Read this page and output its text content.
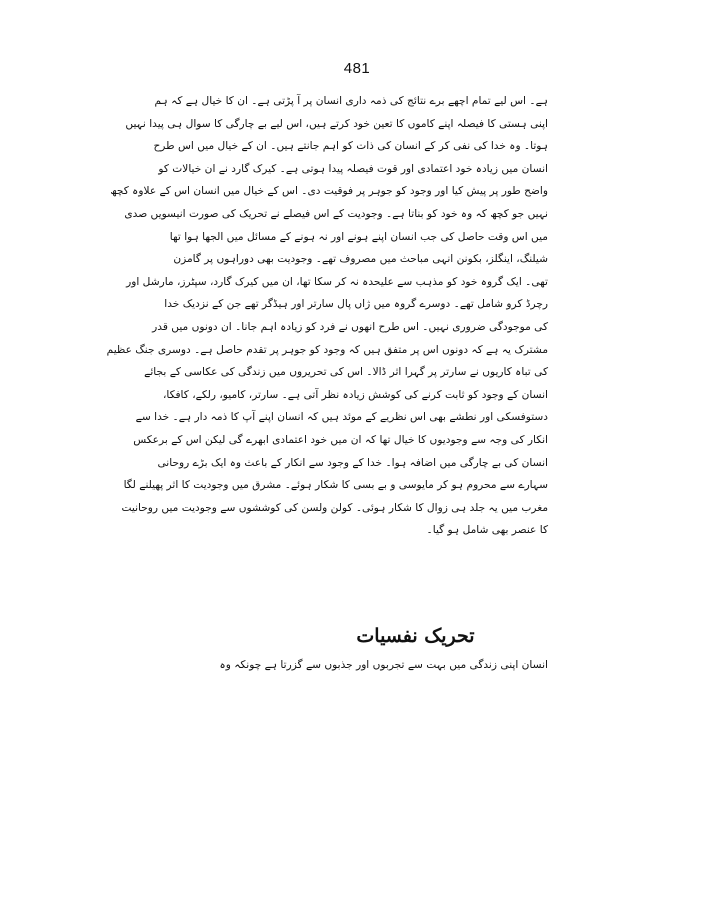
481
ہے۔ اس لیے تمام اچھے برے نتائج کی ذمہ داری انسان پر آ پڑتی ہے۔ ان کا خیال ہے کہ ہم
اپنی ہستی کا فیصلہ اپنے کاموں کا تعین خود کرتے ہیں، اس لیے بے چارگی کا سوال ہی پیدا نہیں
ہوتا۔ وہ خدا کی نفی کر کے انسان کی ذات کو اہم جانتے ہیں۔ ان کے خیال میں اس طرح
انسان میں زیادہ خود اعتمادی اور قوت فیصلہ پیدا ہوتی ہے۔ کیرک گارد نے ان خیالات کو
واضح طور پر پیش کیا اور وجود کو جوہر پر فوقیت دی۔ اس کے خیال میں انسان اس کے علاوہ کچھ
نہیں جو کچھ کہ وہ خود کو بناتا ہے۔ وجودیت کے اس فیصلے نے تحریک کی صورت انیسویں صدی
میں اس وقت حاصل کی جب انسان اپنے ہونے اور نہ ہونے کے مسائل میں الجھا ہوا تھا
شیلنگ، اینگلز، بکونن انہی مباحث میں مصروف تھے۔ وجودیت بھی دوراہوں پر گامزن
تھی۔ ایک گروہ خود کو مذہب سے علیحدہ نہ کر سکا تھا، ان میں کیرک گارد، سپٹرز، مارشل اور
رچرڈ کرو شامل تھے۔ دوسرے گروہ میں ژاں پال سارتر اور ہیڈگر تھے جن کے نزدیک خدا
کی موجودگی ضروری نہیں۔ اس طرح انھوں نے فرد کو زیادہ اہم جانا۔ ان دونوں میں قدر
مشترک یہ ہے کہ دونوں اس پر متفق ہیں کہ وجود کو جوہر پر تقدم حاصل ہے۔ دوسری جنگ عظیم
کی تباہ کاریوں نے سارتر پر گہرا اثر ڈالا۔ اس کی تحریروں میں زندگی کی عکاسی کے بجائے
انسان کے وجود کو ثابت کرنے کی کوشش زیادہ نظر آتی ہے۔ سارتر، کامیو، رلکے، کافکا،
دستوفسکی اور نطشے بھی اس نظریے کے موئد ہیں کہ انسان اپنے آپ کا ذمہ دار ہے۔ خدا سے
انکار کی وجہ سے وجودیوں کا خیال تھا کہ ان میں خود اعتمادی ابھرے گی لیکن اس کے برعکس
انسان کی بے چارگی میں اضافہ ہوا۔ خدا کے وجود سے انکار کے باعث وہ ایک بڑے روحانی
سہارے سے محروم ہو کر مایوسی و بے بسی کا شکار ہوئے۔ مشرق میں وجودیت کا اثر پھیلنے لگا
مغرب میں یہ جلد ہی زوال کا شکار ہوئی۔ کولن ولسن کی کوششوں سے وجودیت میں روحانیت
کا عنصر بھی شامل ہو گیا۔
تحریک نفسیات
انسان اپنی زندگی میں بہت سے تجربوں اور جذبوں سے گزرتا ہے چونکہ وہ
